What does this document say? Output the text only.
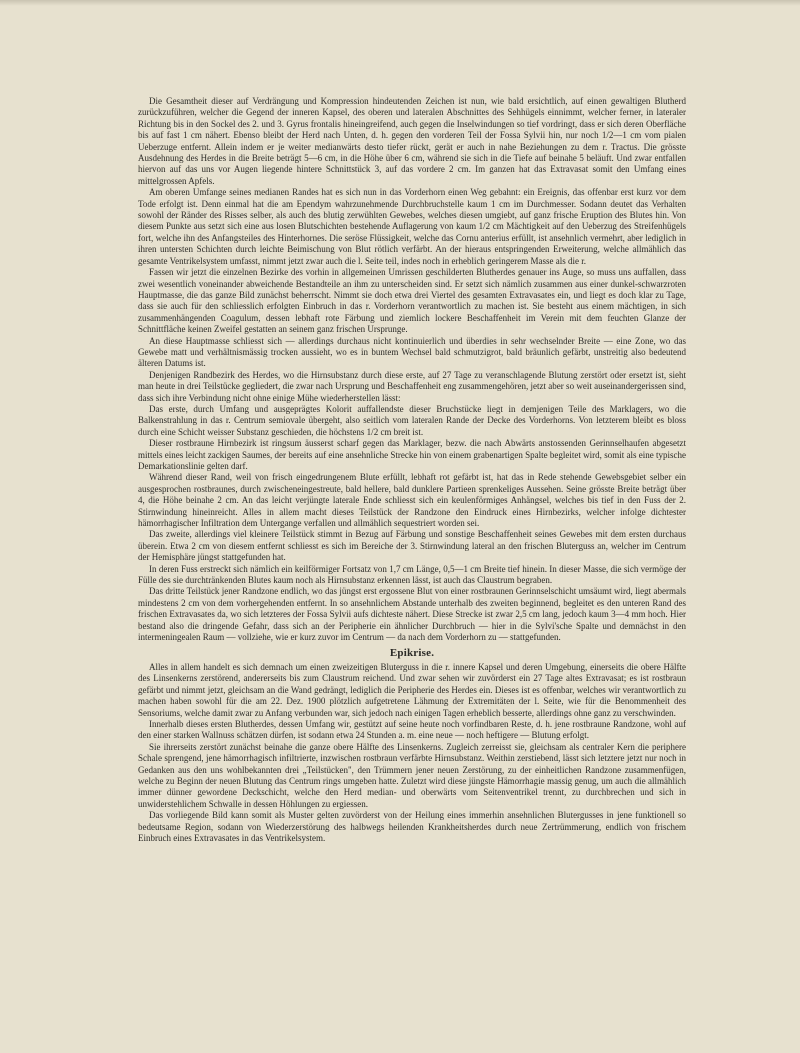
Die Gesamtheit dieser auf Verdrängung und Kompression hindeutenden Zeichen ist nun, wie bald ersichtlich, auf einen gewaltigen Blutherd zurückzuführen, welcher die Gegend der inneren Kapsel, des oberen und lateralen Abschnittes des Sehhügels einnimmt, welcher ferner, in lateraler Richtung bis in den Sockel des 2. und 3. Gyrus frontalis hineingreifend, auch gegen die Inselwindungen so tief vordringt, dass er sich deren Oberfläche bis auf fast 1 cm nähert. Ebenso bleibt der Herd nach Unten, d. h. gegen den vorderen Teil der Fossa Sylvii hin, nur noch 1/2—1 cm vom pialen Ueberzuge entfernt. Allein indem er je weiter medianwärts desto tiefer rückt, gerät er auch in nahe Beziehungen zu dem r. Tractus. Die grösste Ausdehnung des Herdes in die Breite beträgt 5—6 cm, in die Höhe über 6 cm, während sie sich in die Tiefe auf beinahe 5 beläuft. Und zwar entfallen hiervon auf das uns vor Augen liegende hintere Schnittstück 3, auf das vordere 2 cm. Im ganzen hat das Extravasat somit den Umfang eines mittelgrossen Apfels.

Am oberen Umfange seines medianen Randes hat es sich nun in das Vorderhorn einen Weg gebahnt: ein Ereignis, das offenbar erst kurz vor dem Tode erfolgt ist. Denn einmal hat die am Ependym wahrzunehmende Durchbruchstelle kaum 1 cm im Durchmesser. Sodann deutet das Verhalten sowohl der Ränder des Risses selber, als auch des blutig zerwühlten Gewebes, welches diesen umgiebt, auf ganz frische Eruption des Blutes hin. Von diesem Punkte aus setzt sich eine aus losen Blutschichten bestehende Auflagerung von kaum 1/2 cm Mächtigkeit auf den Ueberzug des Streifenhügels fort, welche ihn des Anfangsteiles des Hinterhornes. Die seröse Flüssigkeit, welche das Cornu anterius erfüllt, ist ansehnlich vermehrt, aber lediglich in ihren untersten Schichten durch leichte Beimischung von Blut rötlich verfärbt. An der hieraus entspringenden Erweiterung, welche allmählich das gesamte Ventrikelsystem umfasst, nimmt jetzt zwar auch die l. Seite teil, indes noch in erheblich geringerem Masse als die r.

Fassen wir jetzt die einzelnen Bezirke des vorhin in allgemeinen Umrissen geschilderten Blutherdes genauer ins Auge, so muss uns auffallen, dass zwei wesentlich voneinander abweichende Bestandteile an ihm zu unterscheiden sind. Er setzt sich nämlich zusammen aus einer dunkel-schwarzroten Hauptmasse, die das ganze Bild zunächst beherrscht. Nimmt sie doch etwa drei Viertel des gesamten Extravasates ein, und liegt es doch klar zu Tage, dass sie auch für den schliesslich erfolgten Einbruch in das r. Vorderhorn verantwortlich zu machen ist. Sie besteht aus einem mächtigen, in sich zusammenhängenden Coagulum, dessen lebhaft rote Färbung und ziemlich lockere Beschaffenheit im Verein mit dem feuchten Glanze der Schnittfläche keinen Zweifel gestatten an seinem ganz frischen Ursprunge.

An diese Hauptmasse schliesst sich — allerdings durchaus nicht kontinuierlich und überdies in sehr wechselnder Breite — eine Zone, wo das Gewebe matt und verhältnismässig trocken aussieht, wo es in buntem Wechsel bald schmutzigrot, bald bräunlich gefärbt, unstreitig also bedeutend älteren Datums ist.

Denjenigen Randbezirk des Herdes, wo die Hirnsubstanz durch diese erste, auf 27 Tage zu veranschlagende Blutung zerstört oder ersetzt ist, sieht man heute in drei Teilstücke gegliedert, die zwar nach Ursprung und Beschaffenheit eng zusammengehören, jetzt aber so weit auseinandergerissen sind, dass sich ihre Verbindung nicht ohne einige Mühe wiederherstellen lässt:

Das erste, durch Umfang und ausgeprägtes Kolorit auffallendste dieser Bruchstücke liegt in demjenigen Teile des Marklagers, wo die Balkenstrahlung in das r. Centrum semiovale übergeht, also seitlich vom lateralen Rande der Decke des Vorderhorns. Von letzterem bleibt es bloss durch eine Schicht weisser Substanz geschieden, die höchstens 1/2 cm breit ist.

Dieser rostbraune Hirnbezirk ist ringsum äusserst scharf gegen das Marklager, bezw. die nach Abwärts anstossenden Gerinnselhaufen abgesetzt mittels eines leicht zackigen Saumes, der bereits auf eine ansehnliche Strecke hin von einem grabenartigen Spalte begleitet wird, somit als eine typische Demarkationslinie gelten darf.

Während dieser Rand, weil von frisch eingedrungenem Blute erfüllt, lebhaft rot gefärbt ist, hat das in Rede stehende Gewebsgebiet selber ein ausgesprochen rostbraunes, durch zwischeneingestreute, bald hellere, bald dunklere Partieen sprenkeliges Aussehen. Seine grösste Breite beträgt über 4, die Höhe beinahe 2 cm. An das leicht verjüngte laterale Ende schliesst sich ein keulenförmiges Anhängsel, welches bis tief in den Fuss der 2. Stirnwindung hineinreicht. Alles in allem macht dieses Teilstück der Randzone den Eindruck eines Hirnbezirks, welcher infolge dichtester hämorrhagischer Infiltration dem Untergange verfallen und allmählich sequestriert worden sei.

Das zweite, allerdings viel kleinere Teilstück stimmt in Bezug auf Färbung und sonstige Beschaffenheit seines Gewebes mit dem ersten durchaus überein. Etwa 2 cm von diesem entfernt schliesst es sich im Bereiche der 3. Stirnwindung lateral an den frischen Bluterguss an, welcher im Centrum der Hemisphäre jüngst stattgefunden hat.

In deren Fuss erstreckt sich nämlich ein keilförmiger Fortsatz von 1,7 cm Länge, 0,5—1 cm Breite tief hinein. In dieser Masse, die sich vermöge der Fülle des sie durchtränkenden Blutes kaum noch als Hirnsubstanz erkennen lässt, ist auch das Claustrum begraben.

Das dritte Teilstück jener Randzone endlich, wo das jüngst erst ergossene Blut von einer rostbraunen Gerinnselschicht umsäumt wird, liegt abermals mindestens 2 cm von dem vorhergehenden entfernt. In so ansehnlichem Abstande unterhalb des zweiten beginnend, begleitet es den unteren Rand des frischen Extravasates da, wo sich letzteres der Fossa Sylvii aufs dichteste nähert. Diese Strecke ist zwar 2,5 cm lang, jedoch kaum 3—4 mm hoch. Hier bestand also die dringende Gefahr, dass sich an der Peripherie ein ähnlicher Durchbruch — hier in die Sylvi'sche Spalte und demnächst in den intermeningealen Raum — vollziehe, wie er kurz zuvor im Centrum — da nach dem Vorderhorn zu — stattgefunden.

Epikrise.

Alles in allem handelt es sich demnach um einen zweizeitigen Bluterguss in die r. innere Kapsel und deren Umgebung, einerseits die obere Hälfte des Linsenkerns zerstörend, andererseits bis zum Claustrum reichend. Und zwar sehen wir zuvörderst ein 27 Tage altes Extravasat; es ist rostbraun gefärbt und nimmt jetzt, gleichsam an die Wand gedrängt, lediglich die Peripherie des Herdes ein. Dieses ist es offenbar, welches wir verantwortlich zu machen haben sowohl für die am 22. Dez. 1900 plötzlich aufgetretene Lähmung der Extremitäten der l. Seite, wie für die Benommenheit des Sensoriums, welche damit zwar zu Anfang verbunden war, sich jedoch nach einigen Tagen erheblich besserte, allerdings ohne ganz zu verschwinden.

Innerhalb dieses ersten Blutherdes, dessen Umfang wir, gestützt auf seine heute noch vorfindbaren Reste, d. h. jene rostbraune Randzone, wohl auf den einer starken Wallnuss schätzen dürfen, ist sodann etwa 24 Stunden a. m. eine neue — noch heftigere — Blutung erfolgt.

Sie ihrerseits zerstört zunächst beinahe die ganze obere Hälfte des Linsenkerns. Zugleich zerreisst sie, gleichsam als centraler Kern die periphere Schale sprengend, jene hämorrhagisch infiltrierte, inzwischen rostbraun verfärbte Hirnsubstanz. Weithin zerstiebend, lässt sich letztere jetzt nur noch in Gedanken aus den uns wohlbekannten drei „Teilstücken", den Trümmern jener neuen Zerstörung, zu der einheitlichen Randzone zusammenfügen, welche zu Beginn der neuen Blutung das Centrum rings umgeben hatte. Zuletzt wird diese jüngste Hämorrhagie massig genug, um auch die allmählich immer dünner gewordene Deckschicht, welche den Herd median- und oberwärts vom Seitenventrikel trennt, zu durchbrechen und sich in unwiderstehlichem Schwalle in dessen Höhlungen zu ergiessen.

Das vorliegende Bild kann somit als Muster gelten zuvörderst von der Heilung eines immerhin ansehnlichen Blutergusses in jene funktionell so bedeutsame Region, sodann von Wiederzerstörung des halbwegs heilenden Krankheitsherdes durch neue Zertrümmerung, endlich von frischem Einbruch eines Extravasates in das Ventrikelsystem.
